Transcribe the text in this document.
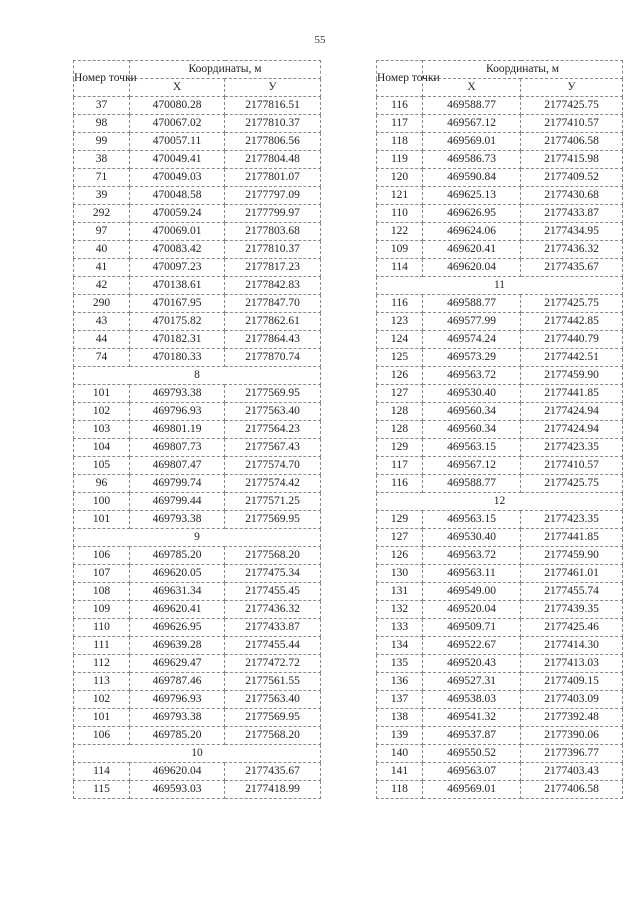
55
Номер точки	Координаты, м	
	X	У
37	470080.28	2177816.51
98	470067.02	2177810.37
99	470057.11	2177806.56
38	470049.41	2177804.48
71	470049.03	2177801.07
39	470048.58	2177797.09
292	470059.24	2177799.97
97	470069.01	2177803.68
40	470083.42	2177810.37
41	470097.23	2177817.23
42	470138.61	2177842.83
290	470167.95	2177847.70
43	470175.82	2177862.61
44	470182.31	2177864.43
74	470180.33	2177870.74
8		
101	469793.38	2177569.95
102	469796.93	2177563.40
103	469801.19	2177564.23
104	469807.73	2177567.43
105	469807.47	2177574.70
96	469799.74	2177574.42
100	469799.44	2177571.25
101	469793.38	2177569.95
9		
106	469785.20	2177568.20
107	469620.05	2177475.34
108	469631.34	2177455.45
109	469620.41	2177436.32
110	469626.95	2177433.87
111	469639.28	2177455.44
112	469629.47	2177472.72
113	469787.46	2177561.55
102	469796.93	2177563.40
101	469793.38	2177569.95
106	469785.20	2177568.20
10		
114	469620.04	2177435.67
115	469593.03	2177418.99
Номер точки	Координаты, м	
	X	У
116	469588.77	2177425.75
117	469567.12	2177410.57
118	469569.01	2177406.58
119	469586.73	2177415.98
120	469590.84	2177409.52
121	469625.13	2177430.68
110	469626.95	2177433.87
122	469624.06	2177434.95
109	469620.41	2177436.32
114	469620.04	2177435.67
11		
116	469588.77	2177425.75
123	469577.99	2177442.85
124	469574.24	2177440.79
125	469573.29	2177442.51
126	469563.72	2177459.90
127	469530.40	2177441.85
128	469560.34	2177424.94
128	469560.34	2177424.94
129	469563.15	2177423.35
117	469567.12	2177410.57
116	469588.77	2177425.75
12		
129	469563.15	2177423.35
127	469530.40	2177441.85
126	469563.72	2177459.90
130	469563.11	2177461.01
131	469549.00	2177455.74
132	469520.04	2177439.35
133	469509.71	2177425.46
134	469522.67	2177414.30
135	469520.43	2177413.03
136	469527.31	2177409.15
137	469538.03	2177403.09
138	469541.32	2177392.48
139	469537.87	2177390.06
140	469550.52	2177396.77
141	469563.07	2177403.43
118	469569.01	2177406.58
